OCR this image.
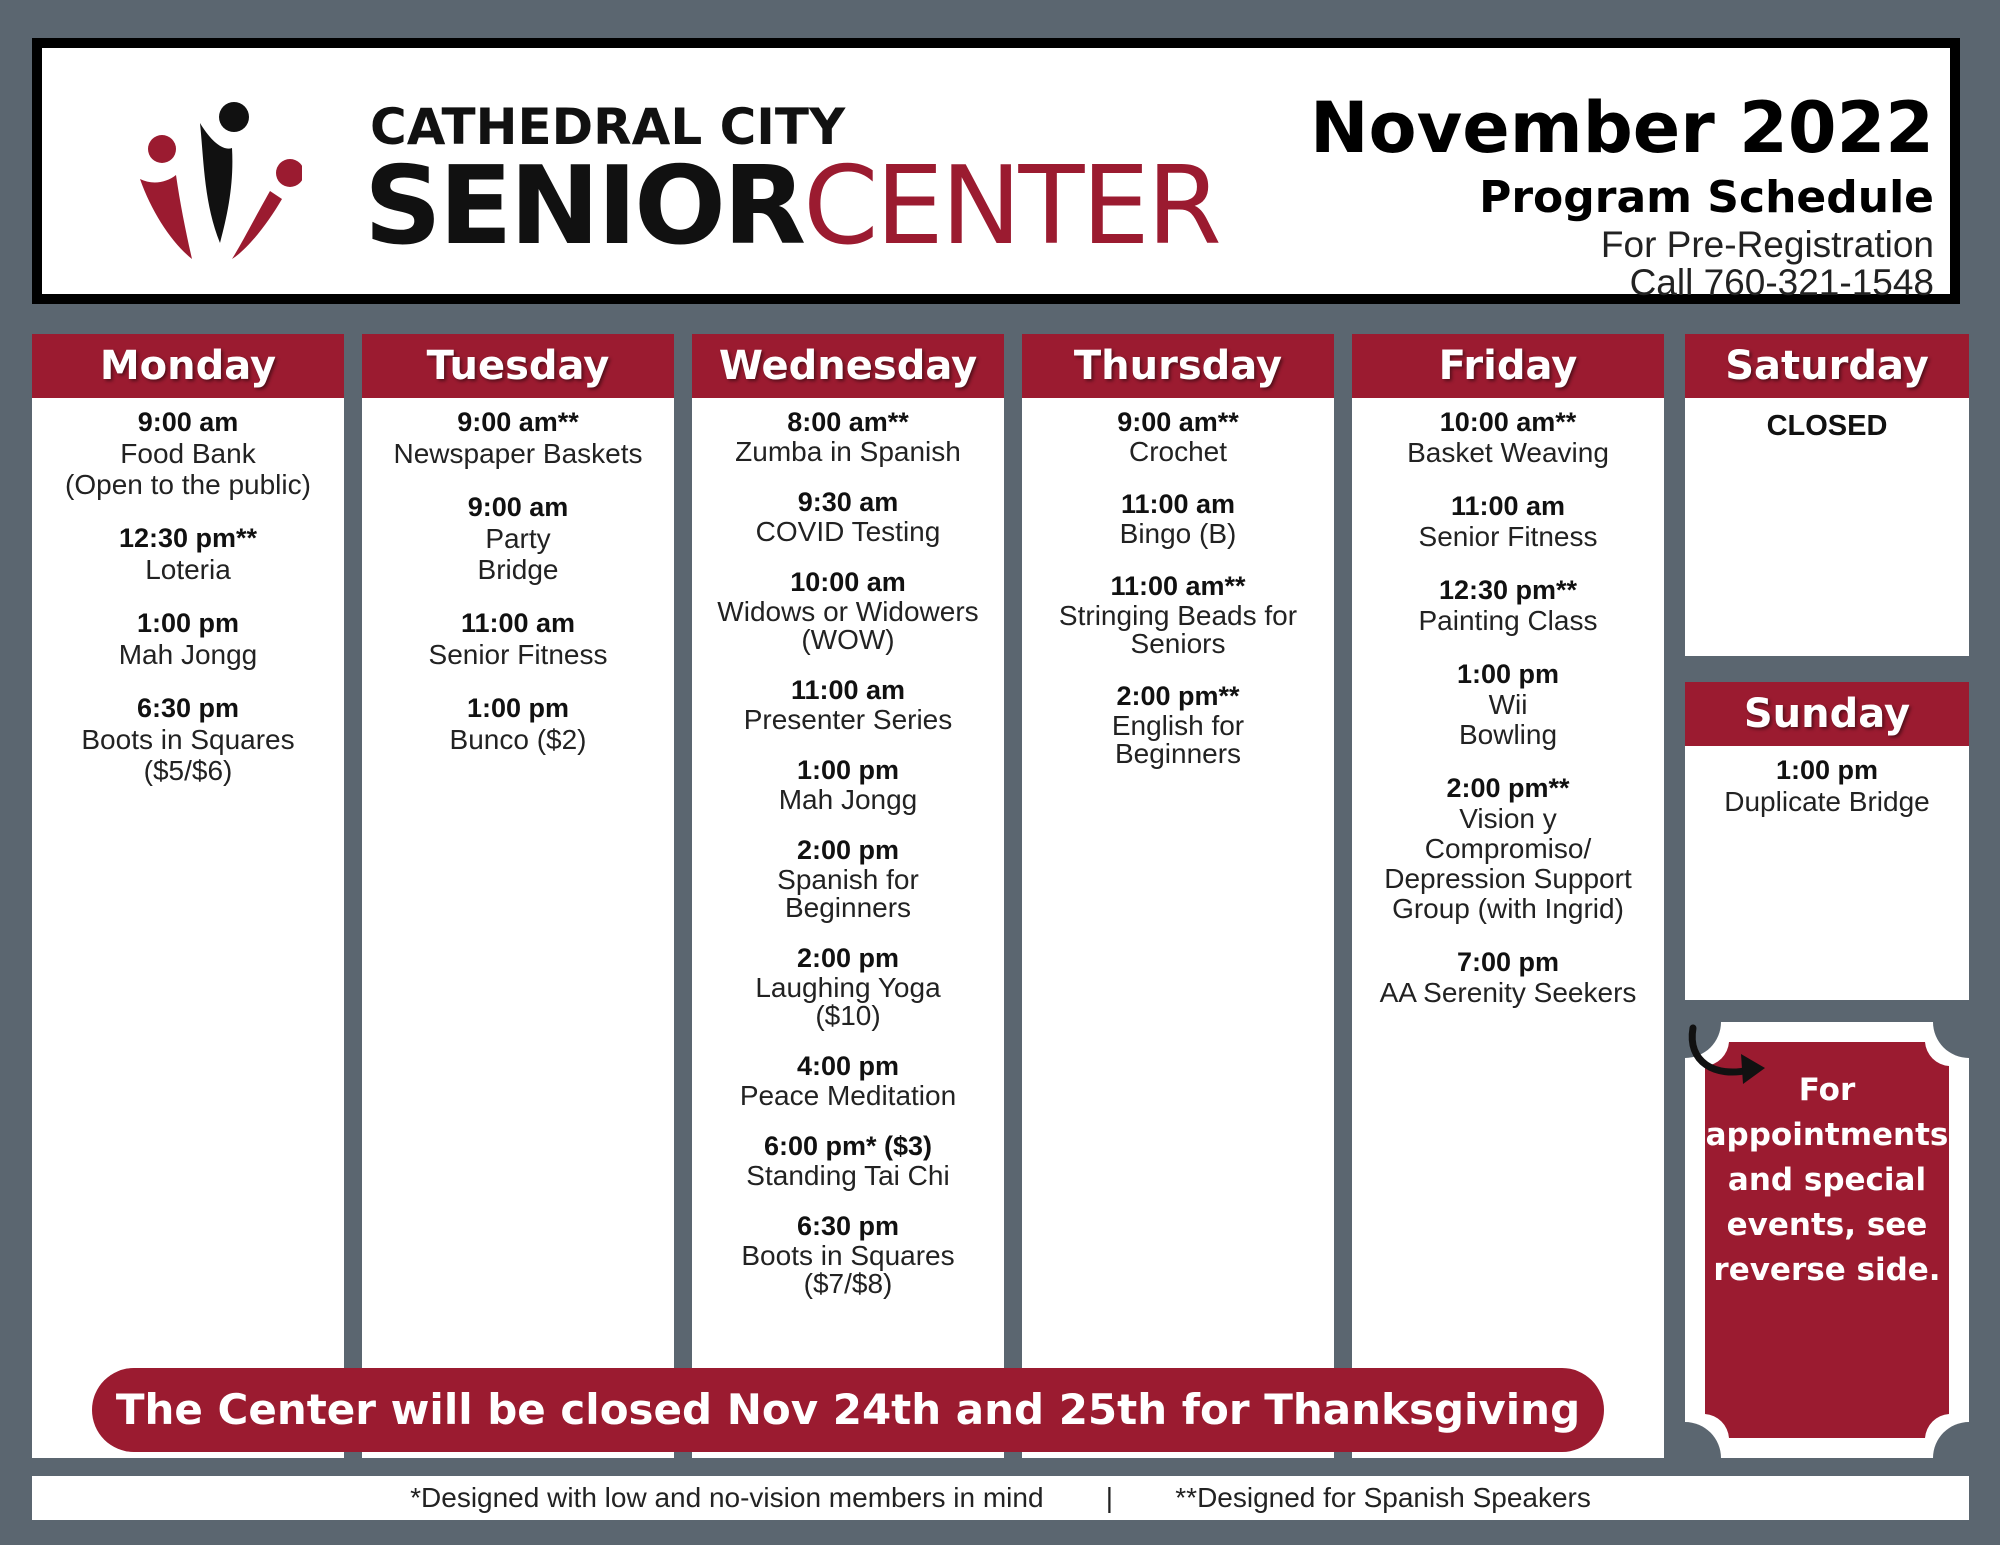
CATHEDRAL CITY
SENIORCENTER
November 2022
Program Schedule
For Pre-Registration
Call 760-321-1548
Monday
9:00 am
Food Bank
(Open to the public)
12:30 pm**
Loteria
1:00 pm
Mah Jongg
6:30 pm
Boots in Squares
($5/$6)
Tuesday
9:00 am**
Newspaper Baskets
9:00 am
Party
Bridge
11:00 am
Senior Fitness
1:00 pm
Bunco ($2)
Wednesday
8:00 am**
Zumba in Spanish
9:30 am
COVID Testing
10:00 am
Widows or Widowers
(WOW)
11:00 am
Presenter Series
1:00 pm
Mah Jongg
2:00 pm
Spanish for
Beginners
2:00 pm
Laughing Yoga
($10)
4:00 pm
Peace Meditation
6:00 pm* ($3)
Standing Tai Chi
6:30 pm
Boots in Squares
($7/$8)
Thursday
9:00 am**
Crochet
11:00 am
Bingo (B)
11:00 am**
Stringing Beads for
Seniors
2:00 pm**
English for
Beginners
Friday
10:00 am**
Basket Weaving
11:00 am
Senior Fitness
12:30 pm**
Painting Class
1:00 pm
Wii
Bowling
2:00 pm**
Vision y
Compromiso/
Depression Support
Group (with Ingrid)
7:00 pm
AA Serenity Seekers
Saturday
CLOSED
Sunday
1:00 pm
Duplicate Bridge
For appointments and special events, see reverse side.
The Center will be closed Nov 24th and 25th for Thanksgiving
*Designed with low and no-vision members in mind | **Designed for Spanish Speakers
